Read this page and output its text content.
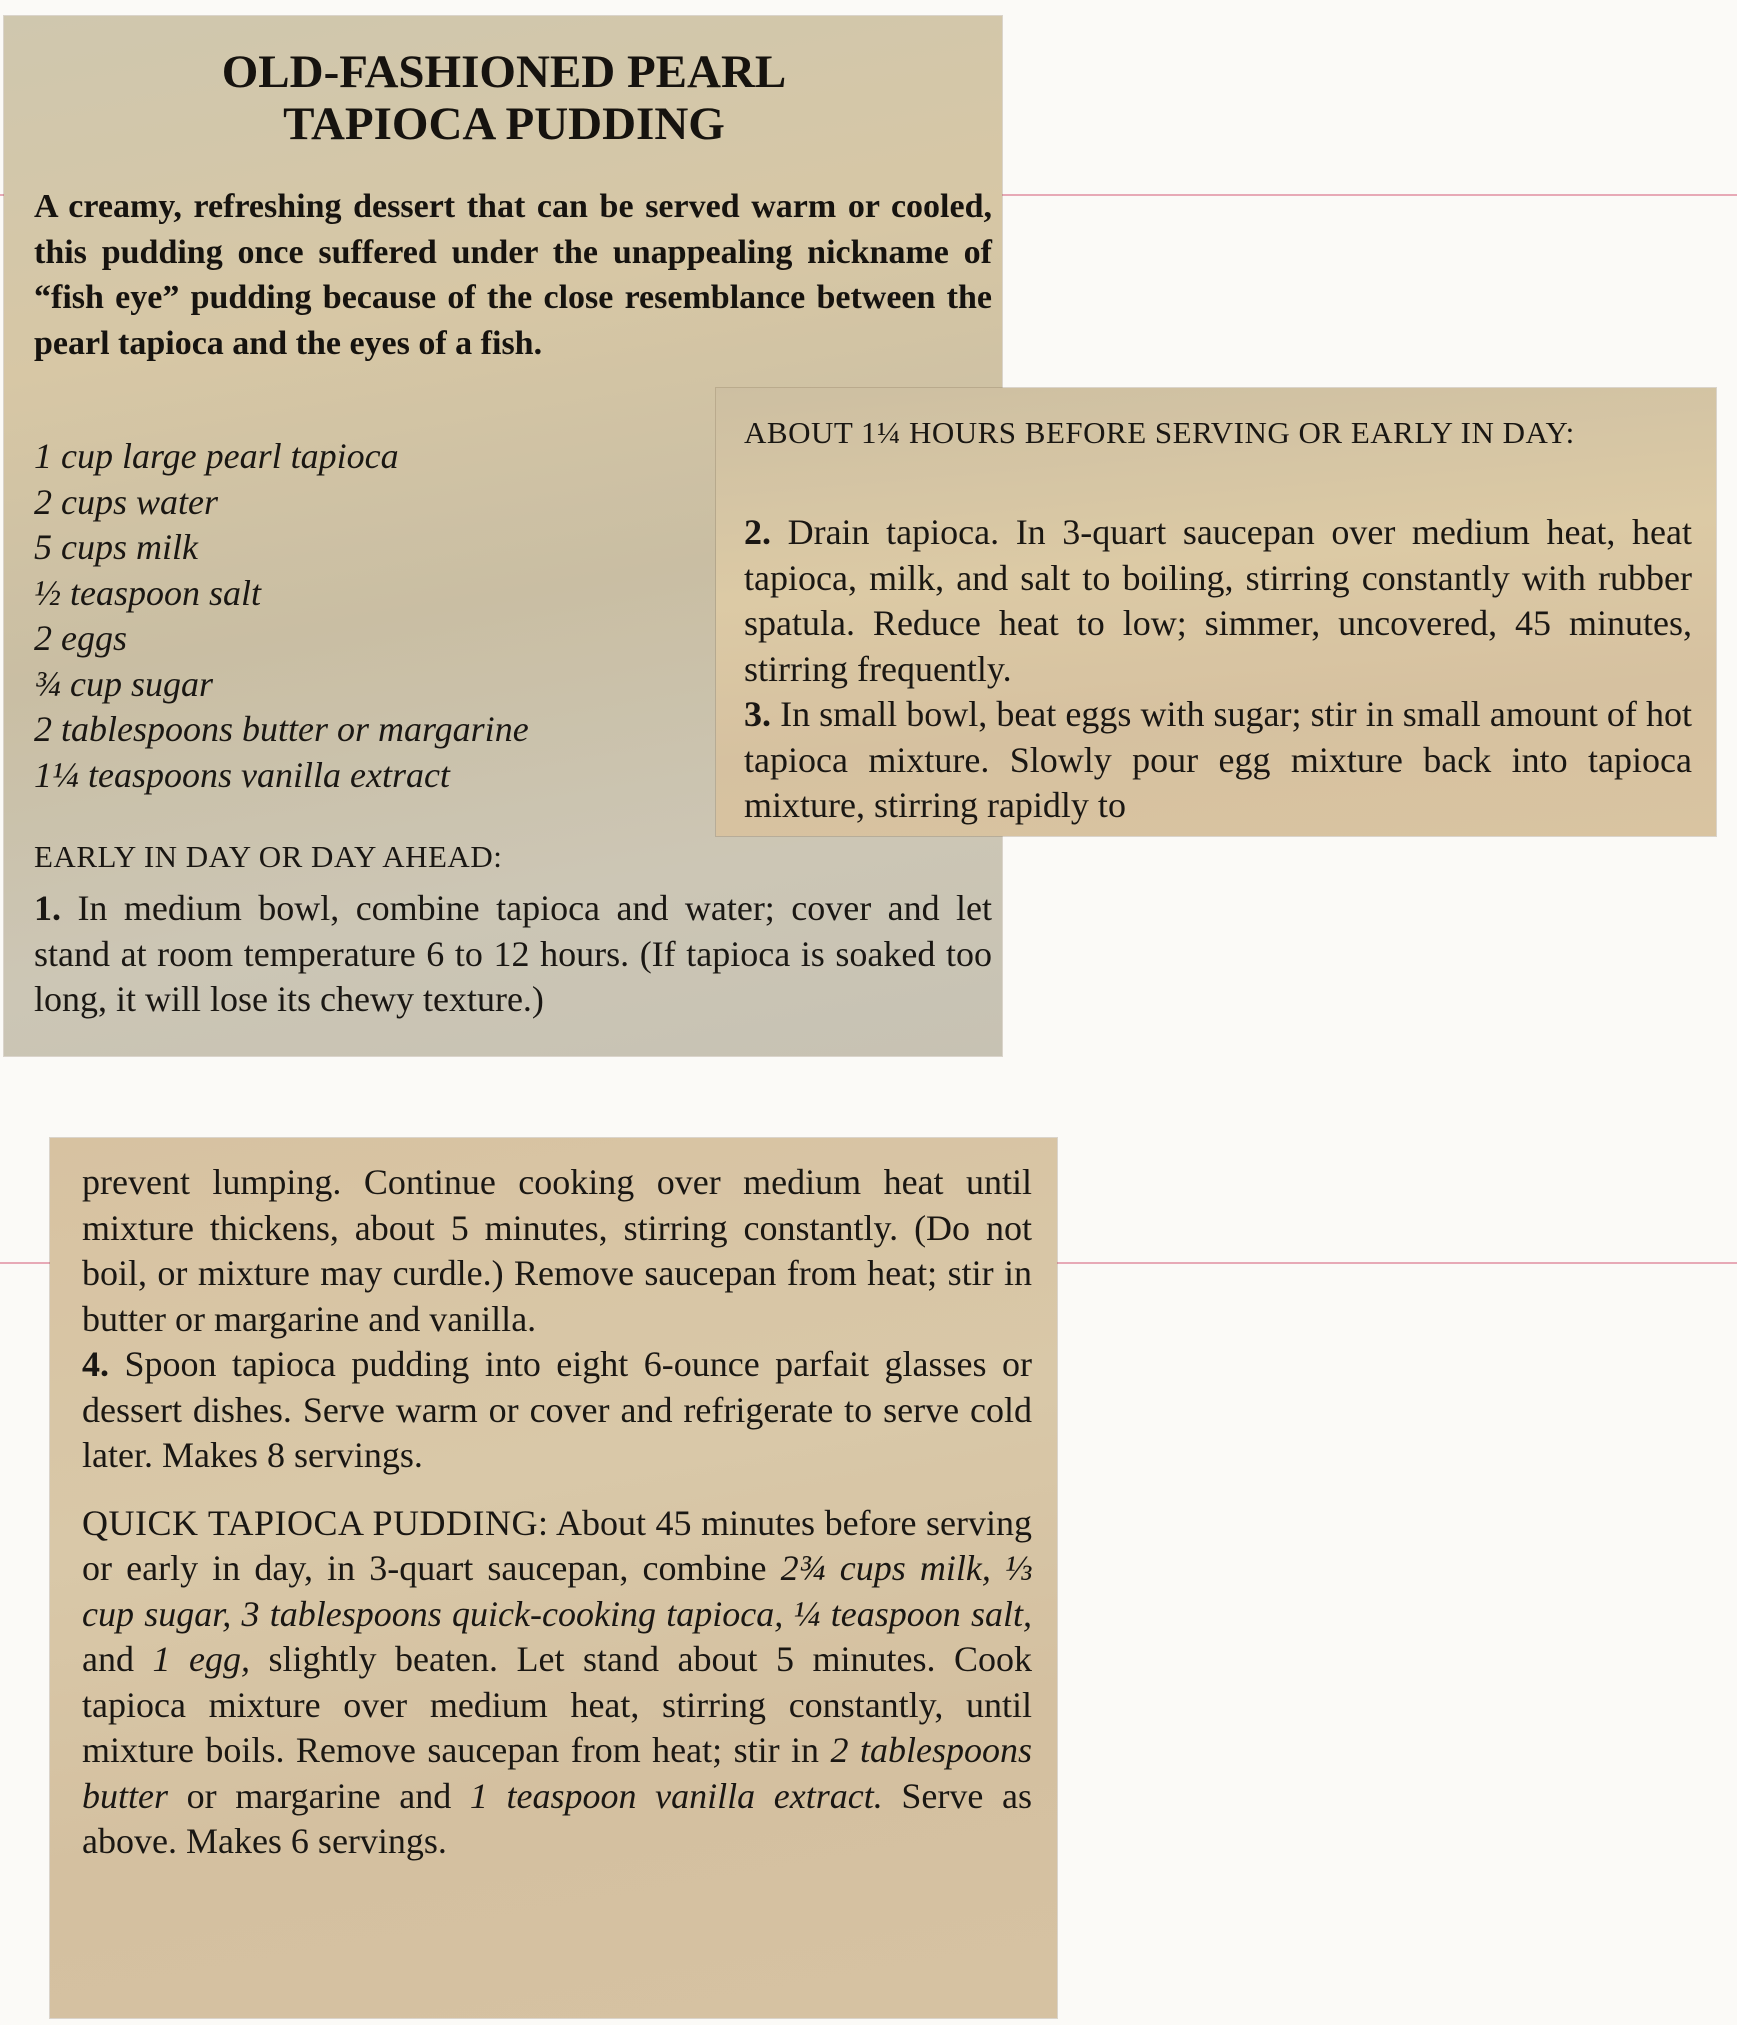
OLD-FASHIONED PEARL
TAPIOCA PUDDING
A creamy, refreshing dessert that can be served warm or cooled, this pudding once suffered under the unappealing nickname of “fish eye” pudding because of the close resemblance between the pearl tapioca and the eyes of a fish.
1 cup large pearl tapioca
2 cups water
5 cups milk
½ teaspoon salt
2 eggs
¾ cup sugar
2 tablespoons butter or margarine
1¼ teaspoons vanilla extract
EARLY IN DAY OR DAY AHEAD:
1. In medium bowl, combine tapioca and water; cover and let stand at room temperature 6 to 12 hours. (If tapioca is soaked too long, it will lose its chewy texture.)
ABOUT 1¼ HOURS BEFORE SERVING OR EARLY IN DAY:
2. Drain tapioca. In 3-quart saucepan over medium heat, heat tapioca, milk, and salt to boiling, stirring constantly with rubber spatula. Reduce heat to low; simmer, uncovered, 45 minutes, stirring frequently.
3. In small bowl, beat eggs with sugar; stir in small amount of hot tapioca mixture. Slowly pour egg mixture back into tapioca mixture, stirring rapidly to

prevent lumping. Continue cooking over medium heat until mixture thickens, about 5 minutes, stirring constantly. (Do not boil, or mixture may curdle.) Remove saucepan from heat; stir in butter or margarine and vanilla.

4. Spoon tapioca pudding into eight 6-ounce parfait glasses or dessert dishes. Serve warm or cover and refrigerate to serve cold later. Makes 8 servings.

QUICK TAPIOCA PUDDING: About 45 minutes before serving or early in day, in 3-quart saucepan, combine 2¾ cups milk, ⅓ cup sugar, 3 tablespoons quick-cooking tapioca, ¼ teaspoon salt, and 1 egg, slightly beaten. Let stand about 5 minutes. Cook tapioca mixture over medium heat, stirring constantly, until mixture boils. Remove saucepan from heat; stir in 2 tablespoons butter or margarine and 1 teaspoon vanilla extract. Serve as above. Makes 6 servings.
